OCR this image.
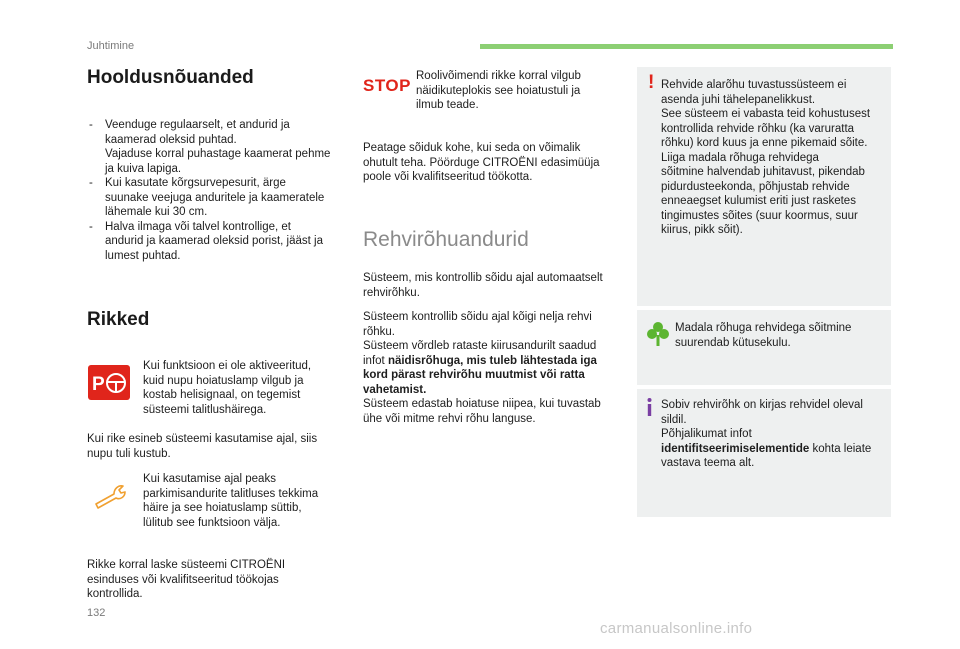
Juhtimine
Hooldusnõuanded
- Veenduge regulaarselt, et andurid ja
kaamerad oleksid puhtad.
Vajaduse korral puhastage kaamerat pehme
ja kuiva lapiga.
- Kui kasutate kõrgsurvepesurit, ärge
suunake veejuga anduritele ja kaameratele
lähemale kui 30 cm.
- Halva ilmaga või talvel kontrollige, et
andurid ja kaamerad oleksid porist, jääst ja
lumest puhtad.
Rikked
P

Kui funktsioon ei ole aktiveeritud,
kuid nupu hoiatuslamp vilgub ja
kostab helisignaal, on tegemist
süsteemi talitlushäirega.

Kui rike esineb süsteemi kasutamise ajal, siis
nupu tuli kustub.

Kui kasutamise ajal peaks
parkimisandurite talitluses tekkima
häire ja see hoiatuslamp süttib,
lülitub see funktsioon välja.

Rikke korral laske süsteemi CITROËNI
esinduses või kvalifitseeritud töökojas
kontrollida.

STOP Roolivõimendi rikke korral vilgub
näidikuteplokis see hoiatustuli ja
ilmub teade.

Peatage sõiduk kohe, kui seda on võimalik
ohutult teha. Pöörduge CITROËNI edasimüüja
poole või kvalifitseeritud töökotta.

Rehvirõhuandurid

Süsteem, mis kontrollib sõidu ajal automaatselt
rehvirõhku.

Süsteem kontrollib sõidu ajal kõigi nelja rehvi
rõhku.
Süsteem võrdleb rataste kiirusandurilt saadud
infot näidisrõhuga, mis tuleb lähtestada iga
kord pärast rehvirõhu muutmist või ratta
vahetamist.
Süsteem edastab hoiatuse niipea, kui tuvastab
ühe või mitme rehvi rõhu languse.

! Rehvide alarõhu tuvastussüsteem ei
asenda juhi tähelepanelikkust.
See süsteem ei vabasta teid kohustusest
kontrollida rehvide rõhku (ka varuratta
rõhku) kord kuus ja enne pikemaid sõite.
Liiga madala rõhuga rehvidega
sõitmine halvendab juhitavust, pikendab
pidurdusteekonda, põhjustab rehvide
enneaegset kulumist eriti just rasketes
tingimustes sõites (suur koormus, suur
kiirus, pikk sõit).

Madala rõhuga rehvidega sõitmine
suurendab kütusekulu.

Sobiv rehvirõhk on kirjas rehvidel oleval
sildil.
Põhjalikumat infot
identifitseerimiselementide kohta leiate
vastava teema alt.

132
carmanualsonline.info
